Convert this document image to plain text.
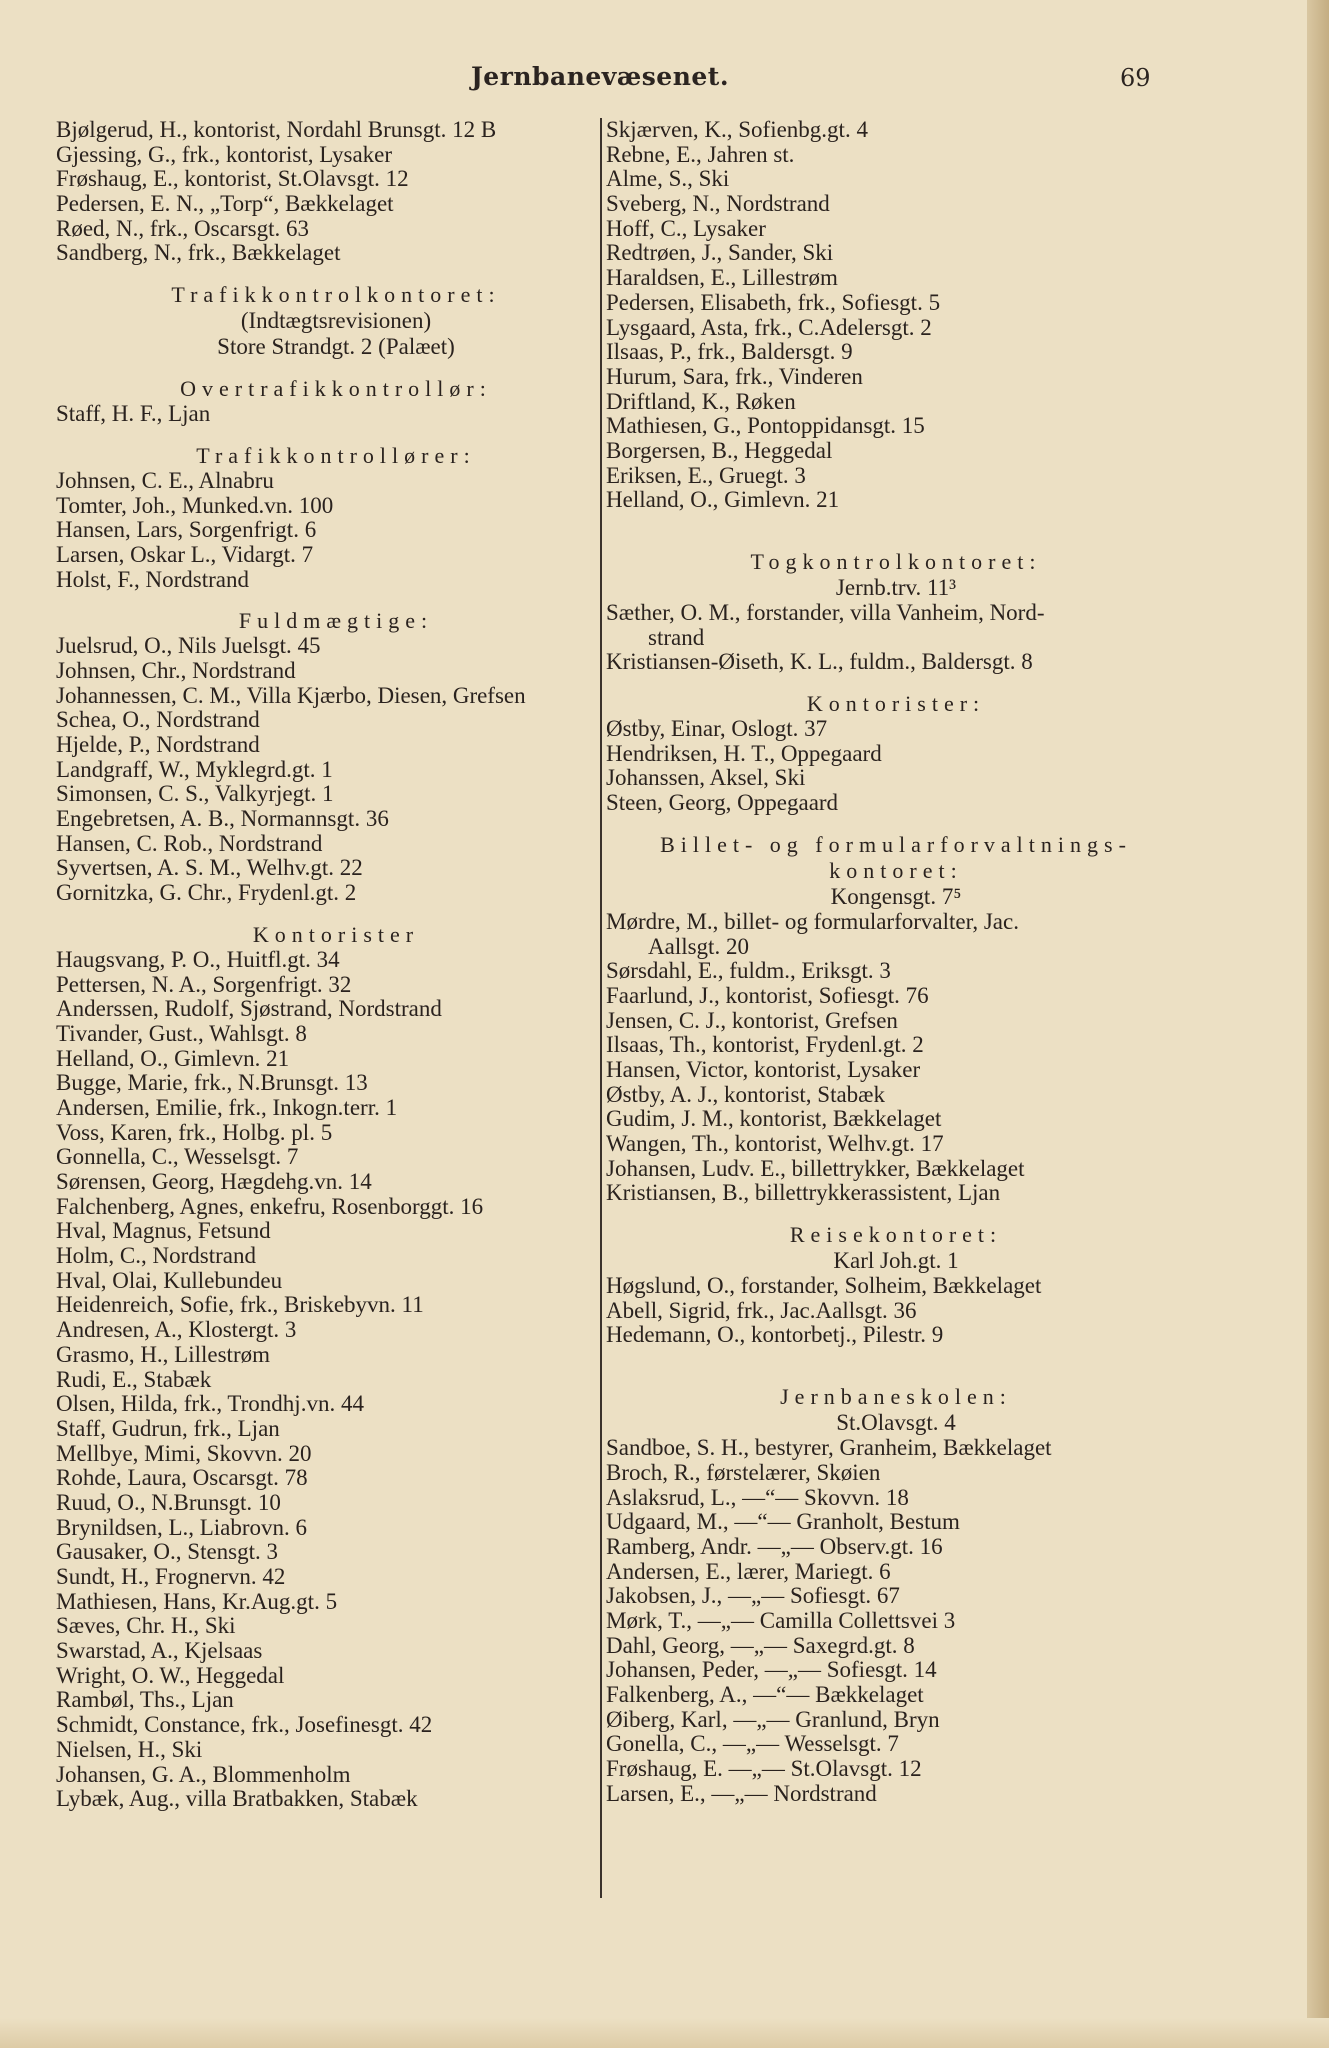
Jernbanevæsenet.	69
Bjølgerud, H., kontorist, Nordahl Brunsgt. 12 B
Gjessing, G., frk., kontorist, Lysaker
Frøshaug, E., kontorist, St.Olavsgt. 12
Pedersen, E. N., „Torp“, Bækkelaget
Røed, N., frk., Oscarsgt. 63
Sandberg, N., frk., Bækkelaget
Trafikkontrolkontoret:
(Indtægtsrevisionen)
Store Strandgt. 2 (Palæet)
Overtrafikkontrollør:
Staff, H. F., Ljan
Trafikkontrollører:
Johnsen, C. E., Alnabru
Tomter, Joh., Munked.vn. 100
Hansen, Lars, Sorgenfrigt. 6
Larsen, Oskar L., Vidargt. 7
Holst, F., Nordstrand
Fuldmægtige:
Juelsrud, O., Nils Juelsgt. 45
Johnsen, Chr., Nordstrand
Johannessen, C. M., Villa Kjærbo, Diesen, Grefsen
Schea, O., Nordstrand
Hjelde, P., Nordstrand
Landgraff, W., Myklegrd.gt. 1
Simonsen, C. S., Valkyrjegt. 1
Engebretsen, A. B., Normannsgt. 36
Hansen, C. Rob., Nordstrand
Syvertsen, A. S. M., Welhv.gt. 22
Gornitzka, G. Chr., Frydenl.gt. 2
Kontorister
Haugsvang, P. O., Huitfl.gt. 34
Pettersen, N. A., Sorgenfrigt. 32
Anderssen, Rudolf, Sjøstrand, Nordstrand
Tivander, Gust., Wahlsgt. 8
Helland, O., Gimlevn. 21
Bugge, Marie, frk., N.Brunsgt. 13
Andersen, Emilie, frk., Inkogn.terr. 1
Voss, Karen, frk., Holbg. pl. 5
Gonnella, C., Wesselsgt. 7
Sørensen, Georg, Hægdehg.vn. 14
Falchenberg, Agnes, enkefru, Rosenborggt. 16
Hval, Magnus, Fetsund
Holm, C., Nordstrand
Hval, Olai, Kullebundeu
Heidenreich, Sofie, frk., Briskebyvn. 11
Andresen, A., Klostergt. 3
Grasmo, H., Lillestrøm
Rudi, E., Stabæk
Olsen, Hilda, frk., Trondhj.vn. 44
Staff, Gudrun, frk., Ljan
Mellbye, Mimi, Skovvn. 20
Rohde, Laura, Oscarsgt. 78
Ruud, O., N.Brunsgt. 10
Brynildsen, L., Liabrovn. 6
Gausaker, O., Stensgt. 3
Sundt, H., Frognervn. 42
Mathiesen, Hans, Kr.Aug.gt. 5
Sæves, Chr. H., Ski
Swarstad, A., Kjelsaas
Wright, O. W., Heggedal
Rambøl, Ths., Ljan
Schmidt, Constance, frk., Josefinesgt. 42
Nielsen, H., Ski
Johansen, G. A., Blommenholm
Lybæk, Aug., villa Bratbakken, Stabæk
Skjærven, K., Sofienbg.gt. 4
Rebne, E., Jahren st.
Alme, S., Ski
Sveberg, N., Nordstrand
Hoff, C., Lysaker
Redtrøen, J., Sander, Ski
Haraldsen, E., Lillestrøm
Pedersen, Elisabeth, frk., Sofiesgt. 5
Lysgaard, Asta, frk., C.Adelersgt. 2
Ilsaas, P., frk., Baldersgt. 9
Hurum, Sara, frk., Vinderen
Driftland, K., Røken
Mathiesen, G., Pontoppidansgt. 15
Borgersen, B., Heggedal
Eriksen, E., Gruegt. 3
Helland, O., Gimlevn. 21
Togkontrolkontoret:
Jernb.trv. 11³
Sæther, O. M., forstander, villa Vanheim, Nord-
strand
Kristiansen-Øiseth, K. L., fuldm., Baldersgt. 8
Kontorister:
Østby, Einar, Oslogt. 37
Hendriksen, H. T., Oppegaard
Johanssen, Aksel, Ski
Steen, Georg, Oppegaard
Billet- og formularforvaltnings-
kontoret:
Kongensgt. 7⁵
Mørdre, M., billet- og formularforvalter, Jac.
Aallsgt. 20
Sørsdahl, E., fuldm., Eriksgt. 3
Faarlund, J., kontorist, Sofiesgt. 76
Jensen, C. J., kontorist, Grefsen
Ilsaas, Th., kontorist, Frydenl.gt. 2
Hansen, Victor, kontorist, Lysaker
Østby, A. J., kontorist, Stabæk
Gudim, J. M., kontorist, Bækkelaget
Wangen, Th., kontorist, Welhv.gt. 17
Johansen, Ludv. E., billettrykker, Bækkelaget
Kristiansen, B., billettrykkerassistent, Ljan
Reisekontoret:
Karl Joh.gt. 1
Høgslund, O., forstander, Solheim, Bækkelaget
Abell, Sigrid, frk., Jac.Aallsgt. 36
Hedemann, O., kontorbetj., Pilestr. 9
Jernbaneskolen:
St.Olavsgt. 4
Sandboe, S. H., bestyrer, Granheim, Bækkelaget
Broch, R., førstelærer, Skøien
Aslaksrud, L., —“— Skovvn. 18
Udgaard, M., —“— Granholt, Bestum
Ramberg, Andr. —„— Observ.gt. 16
Andersen, E., lærer, Mariegt. 6
Jakobsen, J., —„— Sofiesgt. 67
Mørk, T., —„— Camilla Collettsvei 3
Dahl, Georg, —„— Saxegrd.gt. 8
Johansen, Peder, —„— Sofiesgt. 14
Falkenberg, A., —“— Bækkelaget
Øiberg, Karl, —„— Granlund, Bryn
Gonella, C., —„— Wesselsgt. 7
Frøshaug, E. —„— St.Olavsgt. 12
Larsen, E., —„— Nordstrand
